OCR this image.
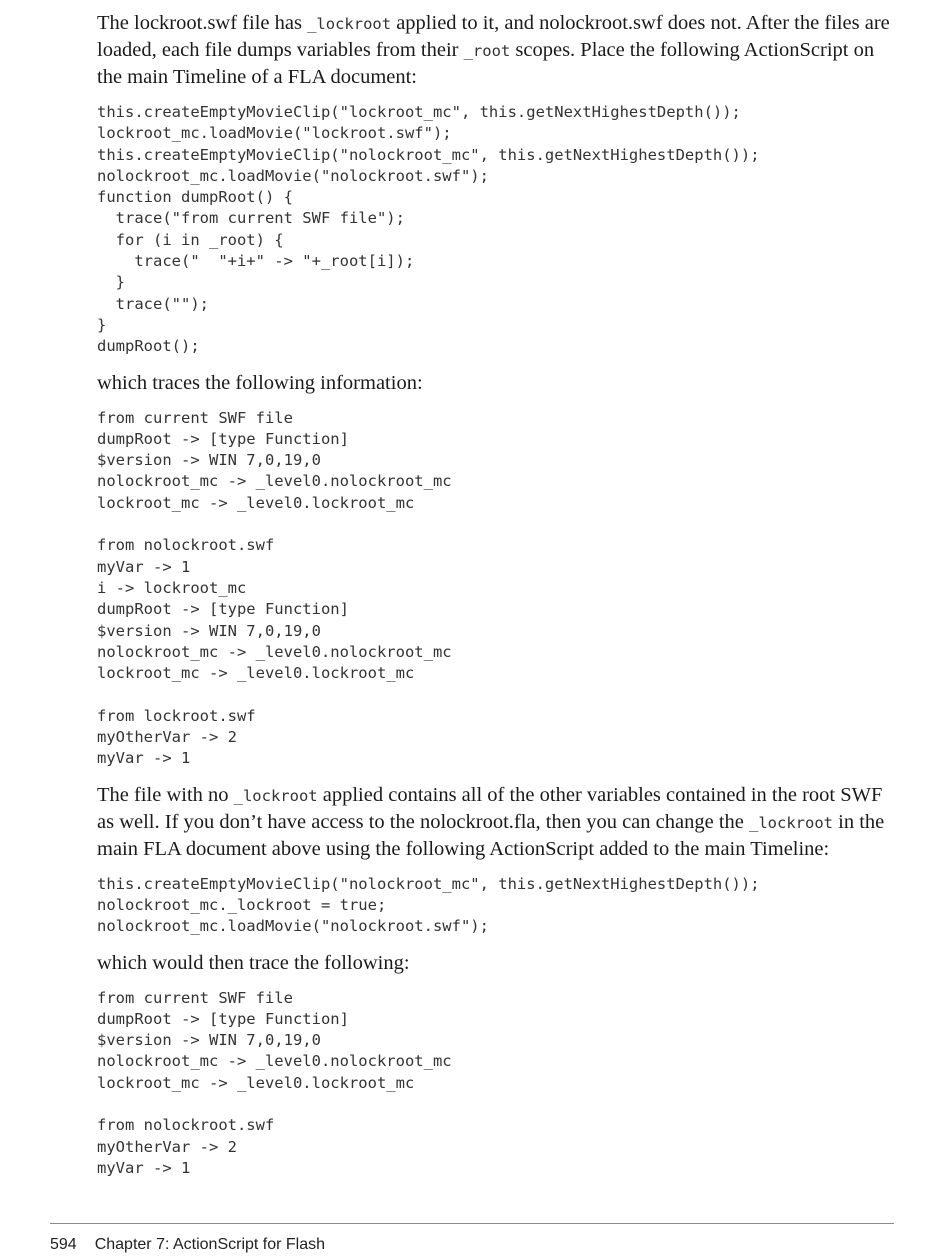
The lockroot.swf file has _lockroot applied to it, and nolockroot.swf does not. After the files are loaded, each file dumps variables from their _root scopes. Place the following ActionScript on the main Timeline of a FLA document:

this.createEmptyMovieClip("lockroot_mc", this.getNextHighestDepth());
lockroot_mc.loadMovie("lockroot.swf");
this.createEmptyMovieClip("nolockroot_mc", this.getNextHighestDepth());
nolockroot_mc.loadMovie("nolockroot.swf");
function dumpRoot() {
trace("from current SWF file");
for (i in _root) {
trace("  "+i+" -> "+_root[i]);
}
trace("");
}
dumpRoot();

which traces the following information:

from current SWF file
dumpRoot -> [type Function]
$version -> WIN 7,0,19,0
nolockroot_mc -> _level0.nolockroot_mc
lockroot_mc -> _level0.lockroot_mc

from nolockroot.swf
myVar -> 1
i -> lockroot_mc
dumpRoot -> [type Function]
$version -> WIN 7,0,19,0
nolockroot_mc -> _level0.nolockroot_mc
lockroot_mc -> _level0.lockroot_mc

from lockroot.swf
myOtherVar -> 2
myVar -> 1

The file with no _lockroot applied contains all of the other variables contained in the root SWF as well. If you don’t have access to the nolockroot.fla, then you can change the _lockroot in the main FLA document above using the following ActionScript added to the main Timeline:

this.createEmptyMovieClip("nolockroot_mc", this.getNextHighestDepth());
nolockroot_mc._lockroot = true;
nolockroot_mc.loadMovie("nolockroot.swf");

which would then trace the following:

from current SWF file
dumpRoot -> [type Function]
$version -> WIN 7,0,19,0
nolockroot_mc -> _level0.nolockroot_mc
lockroot_mc -> _level0.lockroot_mc

from nolockroot.swf
myOtherVar -> 2
myVar -> 1
594 Chapter 7: ActionScript for Flash
